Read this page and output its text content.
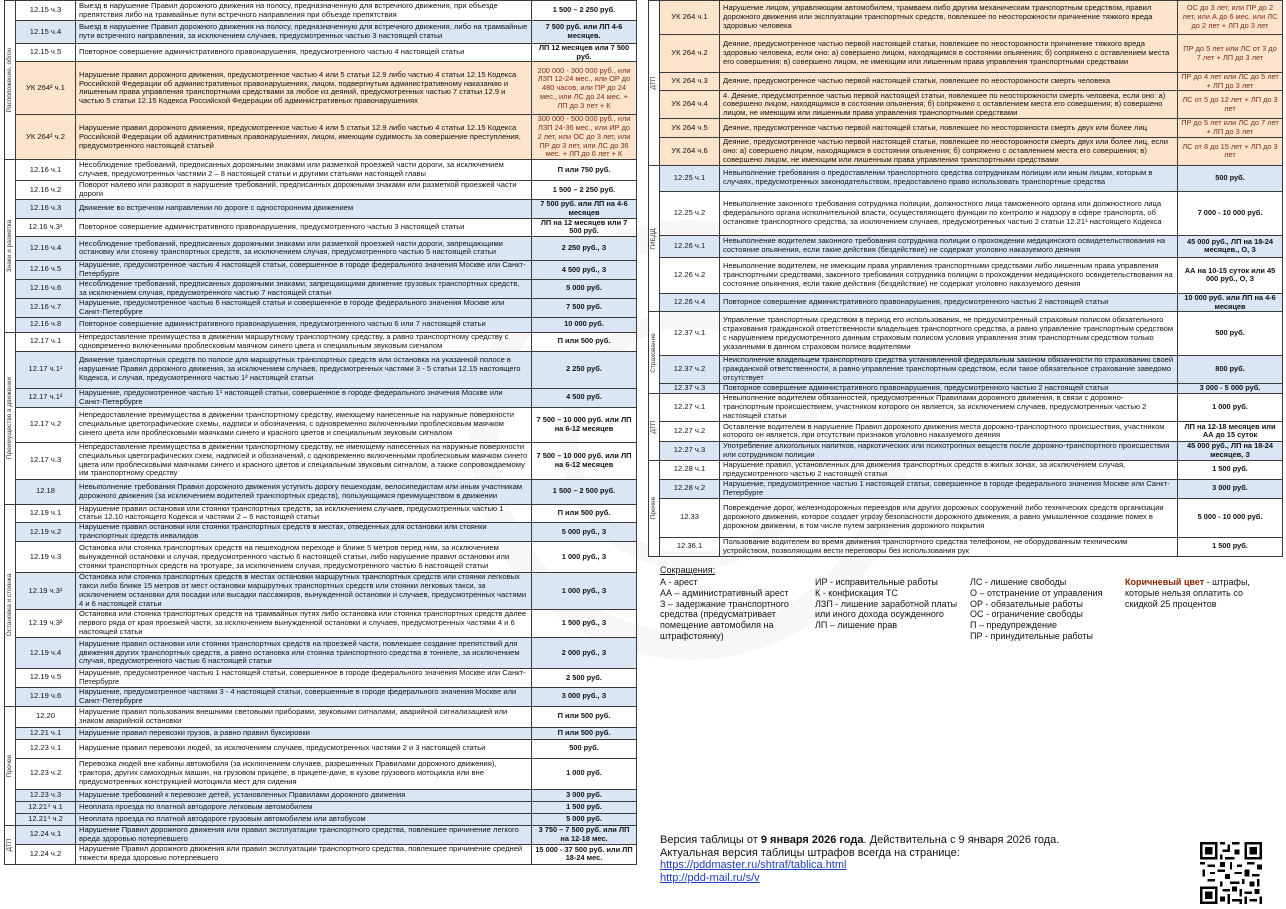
Расположение, обгон	12.15 ч.3	Выезд в нарушение Правил дорожного движения на полосу, предназначенную для встречного движения, при объезде препятствия либо на трамвайные пути встречного направления при объезде препятствия	1 500 – 2 250 руб.
	12.15 ч.4	Выезд в нарушение Правил дорожного движения на полосу, предназначенную для встречного движения, либо на трамвайные пути встречного направления, за исключением случаев, предусмотренных частью 3 настоящей статьи	7 500 руб. или ЛП 4-6 месяцев.
	12.15 ч.5	Повторное совершение административного правонарушения, предусмотренного частью 4 настоящей статьи	ЛП 12 месяцев или 7 500 руб.
	УК 264² ч.1	Нарушение правил дорожного движения, предусмотренное частью 4 или 5 статьи 12.9 либо частью 4 статьи 12.15 Кодекса Российской Федерации об административных правонарушениях, лицом, подвергнутым административному наказанию и лишенным права управления транспортными средствами за любое из деяний, предусмотренных частью 7 статьи 12.9 и частью 5 статьи 12.15 Кодекса Российской Федерации об административных правонарушениях	200 000 - 300 000 руб., или ЛЗП 12-24 мес., или ОР до 480 часов, или ПР до 24 мес., или ЛС до 24 мес. + ЛП до 3 лет + К
	УК 264² ч.2	Нарушение правил дорожного движения, предусмотренное частью 4 или 5 статьи 12.9 либо частью 4 статьи 12.15 Кодекса Российской Федерации об административных правонарушениях, лицом, имеющим судимость за совершение преступления, предусмотренного настоящей статьей	300 000 - 500 000 руб., или ЛЗП 24-36 мес., или ИР до 2 лет, или ОС до 3 лет, или ПР до 3 лет, или ЛС до 36 мес. + ЛП до 6 лет + К

Знаки и разметка	12.16 ч.1	Несоблюдение требований, предписанных дорожными знаками или разметкой проезжей части дороги, за исключением случаев, предусмотренных частями 2 – 8 настоящей статьи и другими статьями настоящей главы	П или 750 руб.
	12.16 ч.2	Поворот налево или разворот в нарушение требований, предписанных дорожными знаками или разметкой проезжей части дороги	1 500 – 2 250 руб.
	12.16 ч.3	Движение во встречном направлении по дороге с односторонним движением	7 500 руб. или ЛП на 4-6 месяцев
	12.16 ч.3¹	Повторное совершение административного правонарушения, предусмотренного частью 3 настоящей статьи	ЛП на 12 месяцев или 7 500 руб.
	12.16 ч.4	Несоблюдение требований, предписанных дорожными знаками или разметкой проезжей части дороги, запрещающими остановку или стоянку транспортных средств, за исключением случая, предусмотренного частью 5 настоящей статьи	2 250 руб., З
	12.16 ч.5	Нарушение, предусмотренное частью 4 настоящей статьи, совершенное в городе федерального значения Москве или Санкт-Петербурге	4 500 руб., З
	12.16 ч.6	Несоблюдение требований, предписанных дорожными знаками, запрещающими движение грузовых транспортных средств, за исключением случая, предусмотренного частью 7 настоящей статьи	5 000 руб.
	12.16 ч.7	Нарушение, предусмотренное частью 6 настоящей статьи и совершенное в городе федерального значения Москве или Санкт-Петербурге	7 500 руб.
	12.16 ч.8	Повторное совершение административного правонарушения, предусмотренного частью 6 или 7 настоящей статьи	10 000 руб.

Преимущество в движении	12.17 ч.1	Непредоставление преимущества в движении маршрутному транспортному средству, а равно транспортному средству с одновременно включенными проблесковым маячком синего цвета и специальным звуковым сигналом	П или 500 руб.
	12.17 ч.1¹	Движение транспортных средств по полосе для маршрутных транспортных средств или остановка на указанной полосе в нарушение Правил дорожного движения, за исключением случаев, предусмотренных частями 3 - 5 статьи 12.15 настоящего Кодекса, и случая, предусмотренного частью 1² настоящей статьи	2 250 руб.
	12.17 ч.1²	Нарушение, предусмотренное частью 1¹ настоящей статьи, совершенное в городе федерального значения Москве или Санкт-Петербурге	4 500 руб.
	12.17 ч.2	Непредоставление преимущества в движении транспортному средству, имеющему нанесенные на наружные поверхности специальные цветографические схемы, надписи и обозначения, с одновременно включенными проблесковым маячком синего цвета или проблесковыми маячками синего и красного цветов и специальным звуковым сигналом	7 500 – 10 000 руб. или ЛП на 6-12 месяцев
	12.17 ч.3	Непредоставление преимущества в движении транспортному средству, не имеющему нанесенных на наружные поверхности специальных цветографических схем, надписей и обозначений, с одновременно включенными проблесковым маячком синего цвета или проблесковыми маячками синего и красного цветов и специальным звуковым сигналом, а также сопровождаемому им транспортному средству	7 500 – 10 000 руб. или ЛП на 6-12 месяцев
	12.18	Невыполнение требования Правил дорожного движения уступить дорогу пешеходам, велосипедистам или иным участникам дорожного движения (за исключением водителей транспортных средств), пользующимся преимуществом в движении	1 500 – 2 500 руб.

Остановка и стоянка	12.19 ч.1	Нарушение правил остановки или стоянки транспортных средств, за исключением случаев, предусмотренных частью 1 статьи 12.10 настоящего Кодекса и частями 2 – 6 настоящей статьи	П или 500 руб.
	12.19 ч.2	Нарушение правил остановки или стоянки транспортных средств в местах, отведенных для остановки или стоянки транспортных средств инвалидов	5 000 руб., З
	12.19 ч.3	Остановка или стоянка транспортных средств на пешеходном переходе и ближе 5 метров перед ним, за исключением вынужденной остановки и случая, предусмотренного частью 6 настоящей статьи, либо нарушение правил остановки или стоянки транспортных средств на тротуаре, за исключением случая, предусмотренного частью 6 настоящей статьи	1 000 руб., З
	12.19 ч.3¹	Остановка или стоянка транспортных средств в местах остановки маршрутных транспортных средств или стоянки легковых такси либо ближе 15 метров от мест остановки маршрутных транспортных средств или стоянки легковых такси, за исключением остановки для посадки или высадки пассажиров, вынужденной остановки и случаев, предусмотренных частями 4 и 6 настоящей статьи	1 000 руб., З
	12.19 ч.3²	Остановка или стоянка транспортных средств на трамвайных путях либо остановка или стоянка транспортных средств далее первого ряда от края проезжей части, за исключением вынужденной остановки и случаев, предусмотренных частями 4 и 6 настоящей статьи	1 500 руб., З
	12.19 ч.4	Нарушение правил остановки или стоянки транспортных средств на проезжей части, повлекшее создание препятствий для движения других транспортных средств, а равно остановка или стоянка транспортного средства в тоннеле, за исключением случая, предусмотренного частью 6 настоящей статьи	2 000 руб., З
	12.19 ч.5	Нарушение, предусмотренное частью 1 настоящей статьи, совершенное в городе федерального значения Москве или Санкт-Петербурге	2 500 руб.
	12.19 ч.6	Нарушение, предусмотренное частями 3 - 4 настоящей статьи, совершенные в городе федерального значения Москве или Санкт-Петербурге	3 000 руб., З

Прочее	12.20	Нарушение правил пользования внешними световыми приборами, звуковыми сигналами, аварийной сигнализацией или знаком аварийной остановки	П или 500 руб.
	12.21 ч.1	Нарушение правил перевозки грузов, а равно правил буксировки	П или 500 руб.
	12.23 ч.1	Нарушение правил перевозки людей, за исключением случаев, предусмотренных частями 2 и 3 настоящей статьи	500 руб.
	12.23 ч.2	Перевозка людей вне кабины автомобиля (за исключением случаев, разрешенных Правилами дорожного движения), трактора, других самоходных машин, на грузовом прицепе, в прицепе-даче, в кузове грузового мотоцикла или вне предусмотренных конструкцией мотоцикла мест для сидения	1 000 руб.
	12.23 ч.3	Нарушение требований к перевозке детей, установленных Правилами дорожного движения	3 000 руб.
	12.21⁴ ч.1	Неоплата проезда по платной автодороге легковым автомобилем	1 500 руб.
	12.21⁴ ч.2	Неоплата проезда по платной автодороге грузовым автомобилем или автобусом	5 000 руб.

ДТП	12.24 ч.1	Нарушение Правил дорожного движения или правил эксплуатации транспортного средства, повлекшее причинение легкого вреда здоровью потерпевшего	3 750 – 7 500 руб. или ЛП на 12-18 мес.
	12.24 ч.2	Нарушение Правил дорожного движения или правил эксплуатации транспортного средства, повлекшее причинение средней тяжести вреда здоровью потерпевшего	15 000 - 37 500 руб. или ЛП 18-24 мес.
ДТП	УК 264 ч.1	Нарушение лицом, управляющим автомобилем, трамваем либо другим механическим транспортным средством, правил дорожного движения или эксплуатации транспортных средств, повлекшее по неосторожности причинение тяжкого вреда здоровью человека	ОС до 3 лет, или ПР до 2 лет, или А до 6 мес. или ЛС до 2 лет + ЛП до 3 лет
	УК 264 ч.2	Деяние, предусмотренное частью первой настоящей статьи, повлекшее по неосторожности причинение тяжкого вреда здоровью человека, если оно: а) совершено лицом, находящимся в состоянии опьянения; б) сопряжено с оставлением места его совершения; в) совершено лицом, не имеющим или лишенным права управления транспортными средствами	ПР до 5 лет или ЛС от 3 до 7 лет + ЛП до 3 лет
	УК 264 ч.3	Деяние, предусмотренное частью первой настоящей статьи, повлекшее по неосторожности смерть человека	ПР до 4 лет или ЛС до 5 лет + ЛП до 3 лет
	УК 264 ч.4	4. Деяние, предусмотренное частью первой настоящей статьи, повлекшее по неосторожности смерть человека, если оно: а) совершено лицом, находящимся в состоянии опьянения; б) сопряжено с оставлением места его совершения; в) совершено лицом, не имеющим или лишенным права управления транспортными средствами	ЛС от 5 до 12 лет + ЛП до 3 лет
	УК 264 ч.5	Деяние, предусмотренное частью первой настоящей статьи, повлекшее по неосторожности смерть двух или более лиц	ПР до 5 лет или ЛС до 7 лет + ЛП до 3 лет
	УК 264 ч.6	Деяние, предусмотренное частью первой настоящей статьи, повлекшее по неосторожности смерть двух или более лиц, если оно: а) совершено лицом, находящимся в состоянии опьянения; б) сопряжено с оставлением места его совершения; в) совершено лицом, не имеющим или лишенным права управления транспортными средствами	ЛС от 8 до 15 лет + ЛП до 3 лет

ГИБДД	12.25 ч.1	Невыполнение требования о предоставлении транспортного средства сотрудникам полиции или иным лицам, которым в случаях, предусмотренных законодательством, предоставлено право использовать транспортные средства	500 руб.
	12.25 ч.2	Невыполнение законного требования сотрудника полиции, должностного лица таможенного органа или должностного лица федерального органа исполнительной власти, осуществляющего функции по контролю и надзору в сфере транспорта, об остановке транспортного средства, за исключением случаев, предусмотренных частью 2 статьи 12.21¹ настоящего Кодекса	7 000 - 10 000 руб.
	12.26 ч.1	Невыполнение водителем законного требования сотрудника полиции о прохождении медицинского освидетельствования на состояние опьянения, если такие действия (бездействие) не содержат уголовно наказуемого деяния	45 000 руб., ЛП на 18-24 месяцев., О, З
	12.26 ч.2	Невыполнение водителем, не имеющим права управления транспортными средствами либо лишенным права управления транспортными средствами, законного требования сотрудника полиции о прохождении медицинского освидетельствования на состояние опьянения, если такие действия (бездействие) не содержат уголовно наказуемого деяния	АА на 10-15 суток или 45 000 руб., О, З
	12.26 ч.4	Повторное совершение административного правонарушения, предусмотренного частью 2 настоящей статьи	10 000 руб. или ЛП на 4-6 месяцев

Страхование	12.37 ч.1	Управление транспортным средством в период его использования, не предусмотренный страховым полисом обязательного страхования гражданской ответственности владельцев транспортного средства, а равно управление транспортным средством с нарушением предусмотренного данным страховым полисом условия управления этим транспортным средством только указанными в данном страховом полисе водителями	500 руб.
	12.37 ч.2	Неисполнение владельцем транспортного средства установленной федеральным законом обязанности по страхованию своей гражданской ответственности, а равно управление транспортным средством, если такое обязательное страхование заведомо отсутствует	800 руб.
	12.37 ч.3	Повторное совершение административного правонарушения, предусмотренного частью 2 настоящей статьи	3 000 - 5 000 руб.

ДТП	12.27 ч.1	Невыполнение водителем обязанностей, предусмотренных Правилами дорожного движения, в связи с дорожно-транспортным происшествием, участником которого он является, за исключением случаев, предусмотренных частью 2 настоящей статьи	1 000 руб.
	12.27 ч.2	Оставление водителем в нарушение Правил дорожного движения места дорожно-транспортного происшествия, участником которого он является, при отсутствии признаков уголовно наказуемого деяния	ЛП на 12-18 месяцев или АА до 15 суток
	12.27 ч.3	Употребление алкогольных напитков, наркотических или психотропных веществ после дорожно-транспортного происшествия или сотрудником полиции	45 000 руб., ЛП на 18-24 месяцев, З

Прочее	12.28 ч.1	Нарушение правил, установленных для движения транспортных средств в жилых зонах, за исключением случая, предусмотренного частью 2 настоящей статьи	1 500 руб.
	12.28 ч.2	Нарушение, предусмотренное частью 1 настоящей статьи, совершенное в городе федерального значения Москве или Санкт-Петербурге	3 000 руб.
	12.33	Повреждение дорог, железнодорожных переездов или других дорожных сооружений либо технических средств организации дорожного движения, которое создает угрозу безопасности дорожного движения, а равно умышленное создание помех в дорожном движении, в том числе путем загрязнения дорожного покрытия	5 000 - 10 000 руб.
	12.36.1	Пользование водителем во время движения транспортного средства телефоном, не оборудованным техническим устройством, позволяющим вести переговоры без использования рук	1 500 руб.
Сокращения:
А - арест
АА – административный арест
З – задержание транспортного средства (предусматривает помещение автомобиля на штрафстоянку)
ИР - исправительные работы
К - конфискация ТС
ЛЗП - лишение заработной платы или иного дохода осужденного
ЛП – лишение прав
ЛС - лишение свободы
О – отстранение от управления
ОР - обязательные работы
ОС - ограничение свободы
П – предупреждение
ПР - принудительные работы
Коричневый цвет - штрафы, которые нельзя оплатить со скидкой 25 процентов
Версия таблицы от 9 января 2026 года. Действительна с 9 января 2026 года.
Актуальная версия таблицы штрафов всегда на странице:
https://pddmaster.ru/shtraf/tablica.html
http://pdd-mail.ru/s/v
